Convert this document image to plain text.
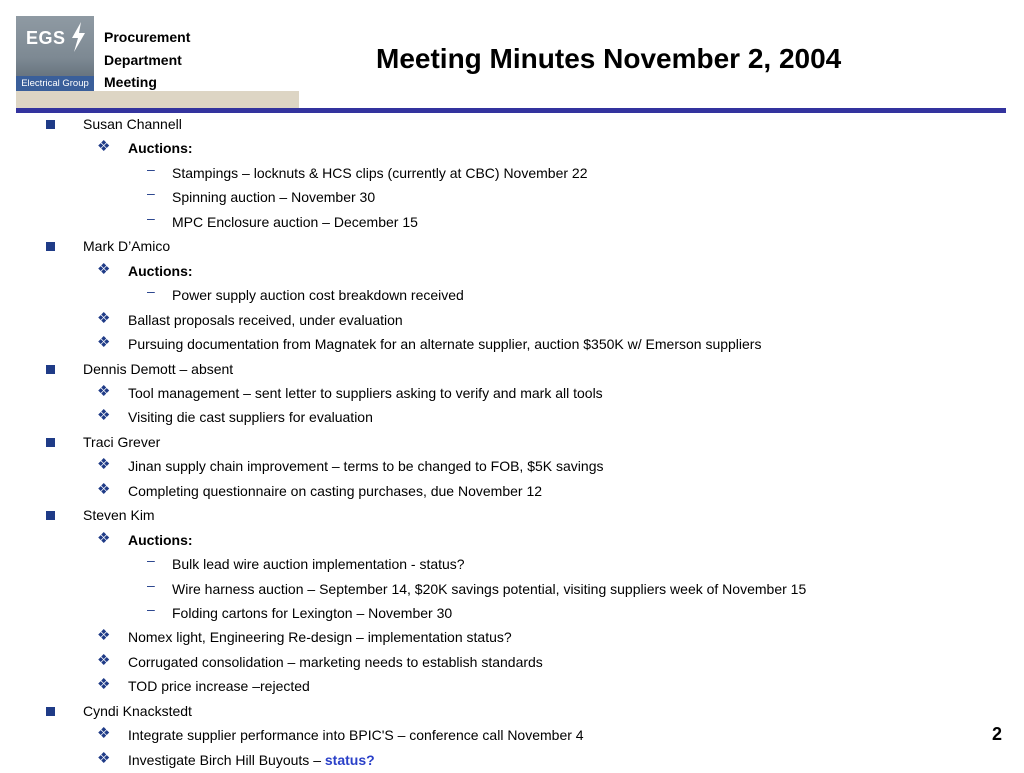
EGS
Electrical Group
Procurement
Department
Meeting
Meeting Minutes November 2, 2004
Susan Channell
❖ Auctions:
– Stampings – locknuts & HCS clips (currently at CBC) November 22
– Spinning auction – November 30
– MPC Enclosure auction – December 15
Mark D’Amico
❖ Auctions:
– Power supply auction cost breakdown received
❖ Ballast proposals received, under evaluation
❖ Pursuing documentation from Magnatek for an alternate supplier, auction $350K w/ Emerson suppliers
Dennis Demott – absent
❖ Tool management – sent letter to suppliers asking to verify and mark all tools
❖ Visiting die cast suppliers for evaluation
Traci Grever
❖ Jinan supply chain improvement – terms to be changed to FOB, $5K savings
❖ Completing questionnaire on casting purchases, due November 12
Steven Kim
❖ Auctions:
– Bulk lead wire auction implementation - status?
– Wire harness auction – September 14, $20K savings potential, visiting suppliers week of November 15
– Folding cartons for Lexington – November 30
❖ Nomex light, Engineering Re-design – implementation status?
❖ Corrugated consolidation – marketing needs to establish standards
❖ TOD price increase –rejected
Cyndi Knackstedt
❖ Integrate supplier performance into BPIC'S – conference call November 4
❖ Investigate Birch Hill Buyouts – status?
2
